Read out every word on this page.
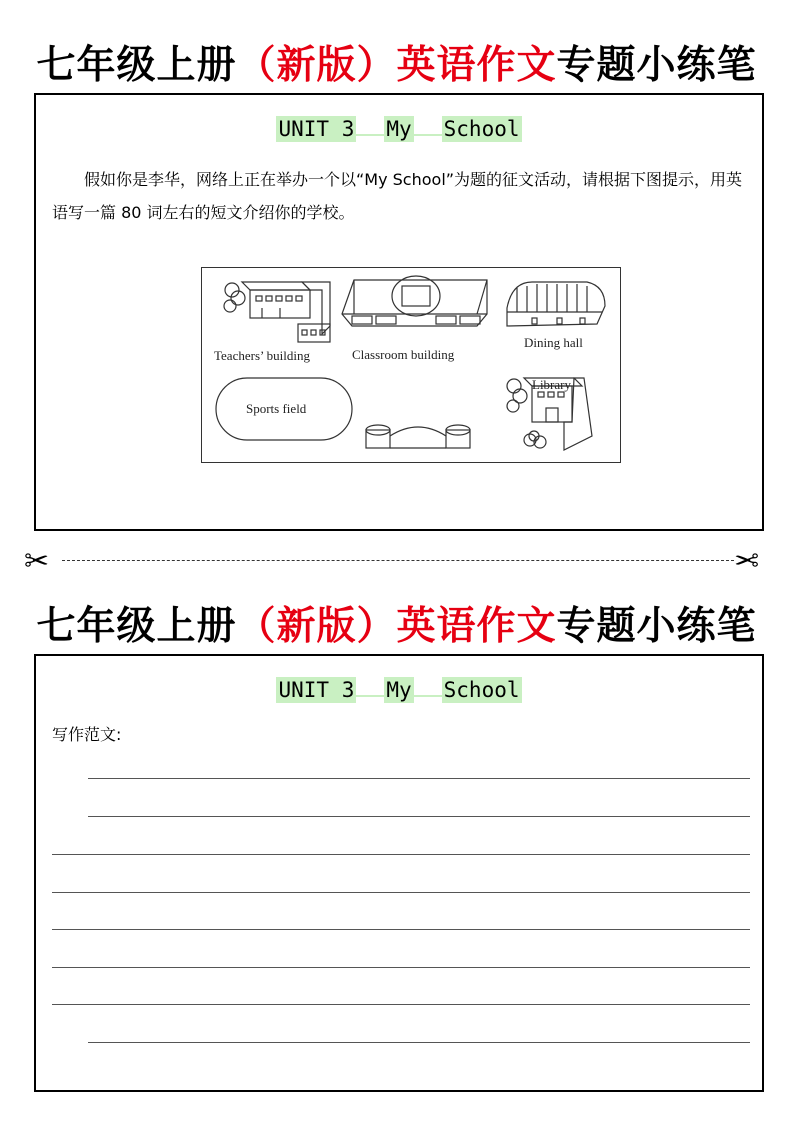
七年级上册（新版）英语作文专题小练笔
UNIT 3 My School
假如你是李华，网络上正在举办一个以“My School”为题的征文活动，请根据下图提示，用英语写一篇 80 词左右的短文介绍你的学校。
Teachers’ building	Classroom building
Dining hall
Sports field
Library
✂	✂
七年级上册（新版）英语作文专题小练笔
UNIT 3 My School
写作范文:
